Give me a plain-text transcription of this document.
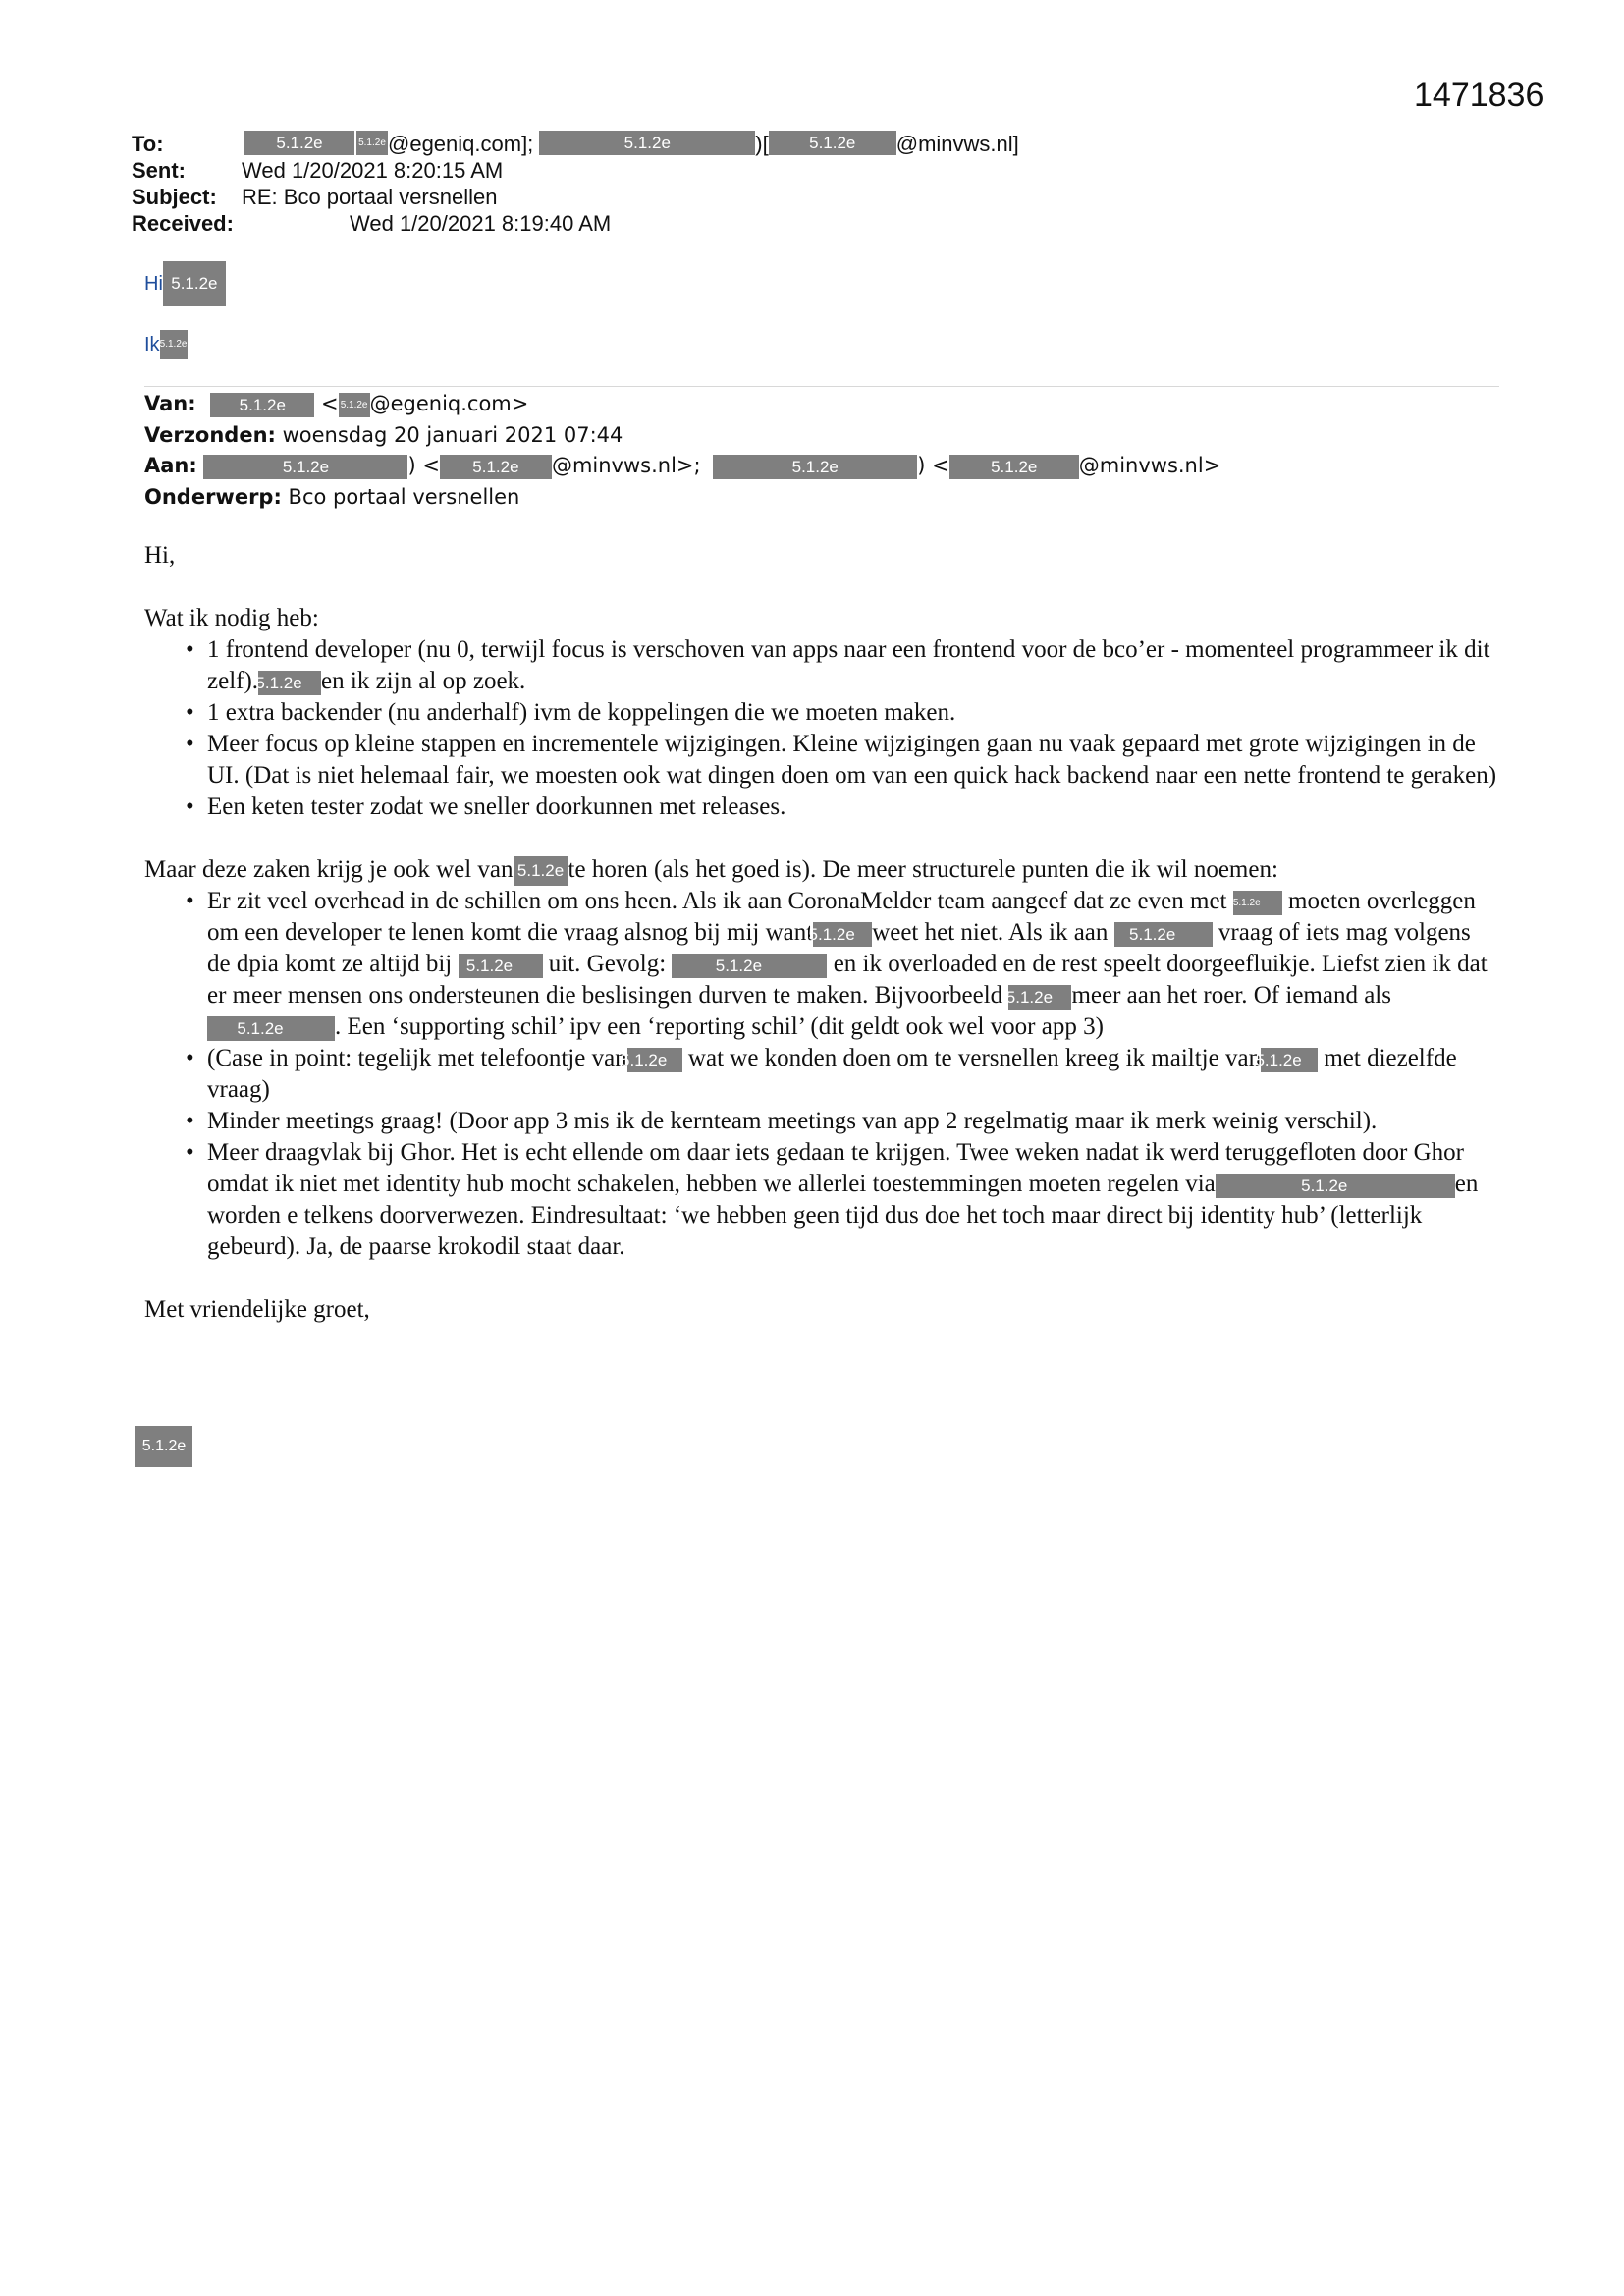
1471836
To:	5.1.2e	5.1.2e @egeniq.com];	5.1.2e	)[	5.1.2e	@minvws.nl]
Sent:	Wed 1/20/2021 8:20:15 AM
Subject:	RE: Bco portaal versnellen
Received:	Wed 1/20/2021 8:19:40 AM
Hi 5.1.2e
Ik 5.1.2e
Van:	5.1.2e < 5.1.2e@egeniq.com>
Verzonden: woensdag 20 januari 2021 07:44
Aan:	5.1.2e	) < 5.1.2e @minvws.nl>;	5.1.2e	) < 5.1.2e @minvws.nl>
Onderwerp: Bco portaal versnellen

Hi,

Wat ik nodig heb:

• 1 frontend developer (nu 0, terwijl focus is verschoven van apps naar een frontend voor de bco’er - momenteel programmeer ik dit zelf).5.1.2e en ik zijn al op zoek.
• 1 extra backender (nu anderhalf) ivm de koppelingen die we moeten maken.
• Meer focus op kleine stappen en incrementele wijzigingen. Kleine wijzigingen gaan nu vaak gepaard met grote wijzigingen in de UI. (Dat is niet helemaal fair, we moesten ook wat dingen doen om van een quick hack backend naar een nette frontend te geraken)
• Een keten tester zodat we sneller doorkunnen met releases.

Maar deze zaken krijg je ook wel van 5.1.2e te horen (als het goed is). De meer structurele punten die ik wil noemen:

• Er zit veel overhead in de schillen om ons heen. Als ik aan CoronaMelder team aangeef dat ze even met 5.1.2e moeten overleggen om een developer te lenen komt die vraag alsnog bij mij want5.1.2e weet het niet. Als ik aan 5.1.2e vraag of iets mag volgens de dpia komt ze altijd bij 5.1.2e uit. Gevolg:	5.1.2e	en ik overloaded en de rest speelt doorgeefluikje. Liefst zien ik dat er meer mensen ons ondersteunen die beslisingen durven te maken. Bijvoorbeeld 5.1.2e meer aan het roer. Of iemand als 5.1.2e . Een ‘supporting schil’ ipv een ‘reporting schil’ (dit geldt ook wel voor app 3)
• (Case in point: tegelijk met telefoontje van5.1.2e wat we konden doen om te versnellen kreeg ik mailtje van5.1.2e met diezelfde vraag)
• Minder meetings graag! (Door app 3 mis ik de kernteam meetings van app 2 regelmatig maar ik merk weinig verschil).
• Meer draagvlak bij Ghor. Het is echt ellende om daar iets gedaan te krijgen. Twee weken nadat ik werd teruggefloten door Ghor omdat ik niet met identity hub mocht schakelen, hebben we allerlei toestemmingen moeten regelen via	5.1.2e	en worden e telkens doorverwezen. Eindresultaat: ‘we hebben geen tijd dus doe het toch maar direct bij identity hub’ (letterlijk gebeurd). Ja, de paarse krokodil staat daar.

Met vriendelijke groet,

5.1.2e
